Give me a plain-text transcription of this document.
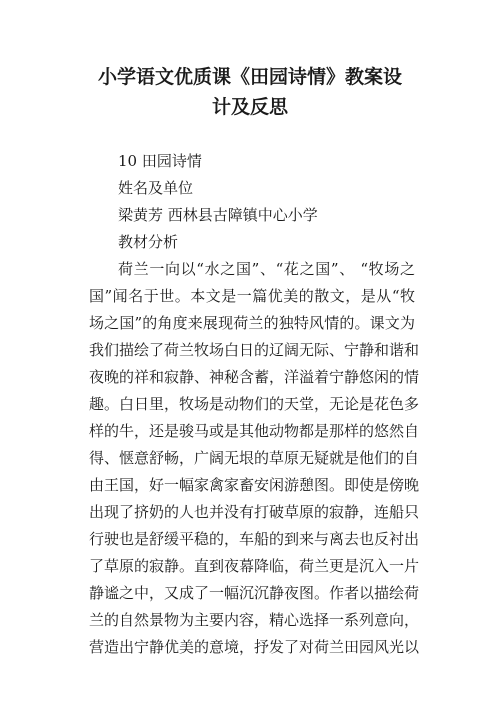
小学语文优质课《田园诗情》教案设
计及反思

10 田园诗情

姓名及单位

梁黄芳 西林县古障镇中心小学

教材分析

荷兰一向以“水之国”、“花之国”、 “牧场之

国”闻名于世。本文是一篇优美的散文，是从“牧

场之国”的角度来展现荷兰的独特风情的。课文为

我们描绘了荷兰牧场白日的辽阔无际、宁静和谐和

夜晚的祥和寂静、神秘含蓄，洋溢着宁静悠闲的情

趣。白日里，牧场是动物们的天堂，无论是花色多

样的牛，还是骏马或是其他动物都是那样的悠然自

得、惬意舒畅，广阔无垠的草原无疑就是他们的自

由王国，好一幅家禽家畜安闲游憩图。即使是傍晚

出现了挤奶的人也并没有打破草原的寂静，连船只

行驶也是舒缓平稳的，车船的到来与离去也反衬出

了草原的寂静。直到夜幕降临，荷兰更是沉入一片

静谧之中，又成了一幅沉沉静夜图。作者以描绘荷

兰的自然景物为主要内容，精心选择一系列意向，

营造出宁静优美的意境，抒发了对荷兰田园风光以
